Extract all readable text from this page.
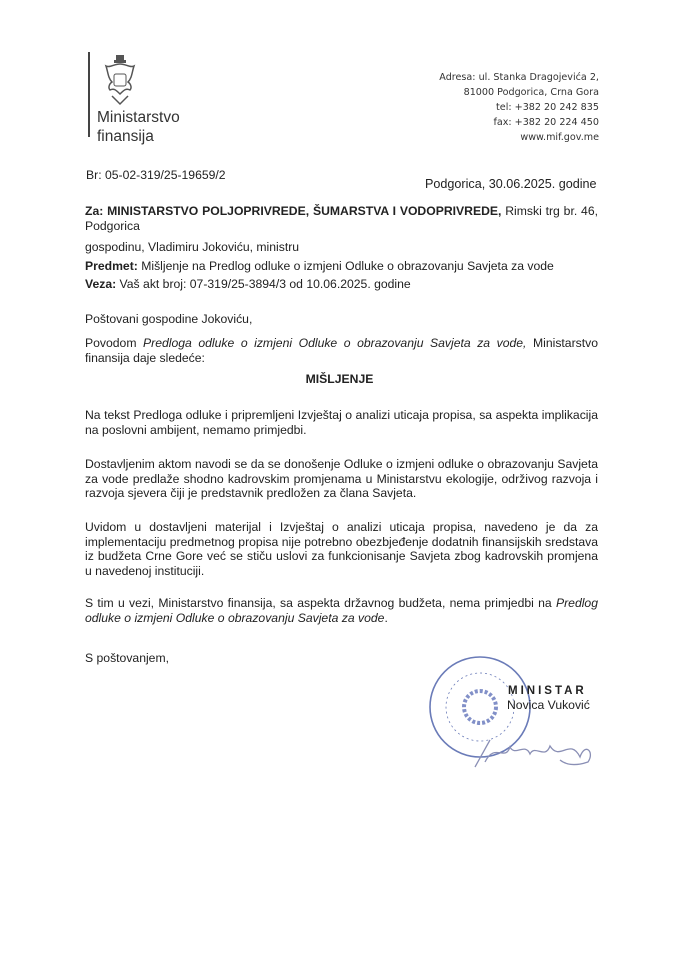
Ministarstvo
finansija
Adresa: ul. Stanka Dragojevića 2,
81000 Podgorica, Crna Gora
tel: +382 20 242 835
fax: +382 20 224 450
www.mif.gov.me
Br: 05-02-319/25-19659/2
Podgorica, 30.06.2025. godine
Za: MINISTARSTVO POLJOPRIVREDE, ŠUMARSTVA I VODOPRIVREDE, Rimski trg br. 46, Podgorica
gospodinu, Vladimiru Jokoviću, ministru
Predmet: Mišljenje na Predlog odluke o izmjeni Odluke o obrazovanju Savjeta za vode
Veza: Vaš akt broj: 07-319/25-3894/3 od 10.06.2025. godine
Poštovani gospodine Jokoviću,
Povodom Predloga odluke o izmjeni Odluke o obrazovanju Savjeta za vode, Ministarstvo finansija daje sledeće:
MIŠLJENJE
Na tekst Predloga odluke i pripremljeni Izvještaj o analizi uticaja propisa, sa aspekta implikacija na poslovni ambijent, nemamo primjedbi.
Dostavljenim aktom navodi se da se donošenje Odluke o izmjeni odluke o obrazovanju Savjeta za vode predlaže shodno kadrovskim promjenama u Ministarstvu ekologije, održivog razvoja i razvoja sjevera čiji je predstavnik predložen za člana Savjeta.
Uvidom u dostavljeni materijal i Izvještaj o analizi uticaja propisa, navedeno je da za implementaciju predmetnog propisa nije potrebno obezbjeđenje dodatnih finansijskih sredstava iz budžeta Crne Gore već se stiču uslovi za funkcionisanje Savjeta zbog kadrovskih promjena u navedenoj instituciji.
S tim u vezi, Ministarstvo finansija, sa aspekta državnog budžeta, nema primjedbi na Predlog odluke o izmjeni Odluke o obrazovanju Savjeta za vode.
S poštovanjem,
MINISTAR
Novica Vuković
